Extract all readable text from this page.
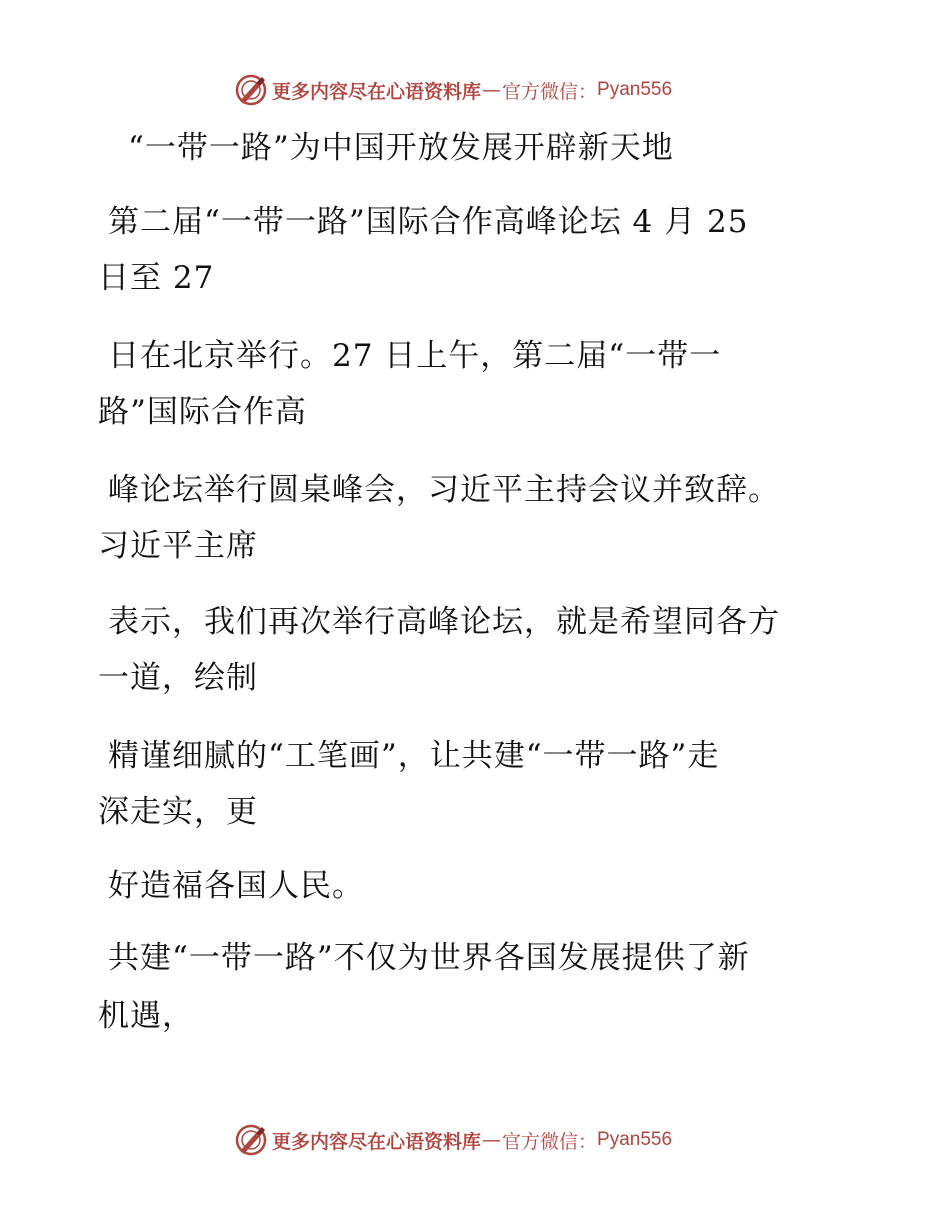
更多内容尽在心语资料库 — 官方微信： Pyan556
“一带一路”为中国开放发展开辟新天地
第二届“一带一路”国际合作高峰论坛 4 月 25
日至 27
日在北京举行。27 日上午，第二届“一带一
路”国际合作高
峰论坛举行圆桌峰会，习近平主持会议并致辞。
习近平主席
表示，我们再次举行高峰论坛，就是希望同各方
一道，绘制
精谨细腻的“工笔画”，让共建“一带一路”走
深走实，更
好造福各国人民。
共建“一带一路”不仅为世界各国发展提供了新
机遇，
更多内容尽在心语资料库 — 官方微信： Pyan556
